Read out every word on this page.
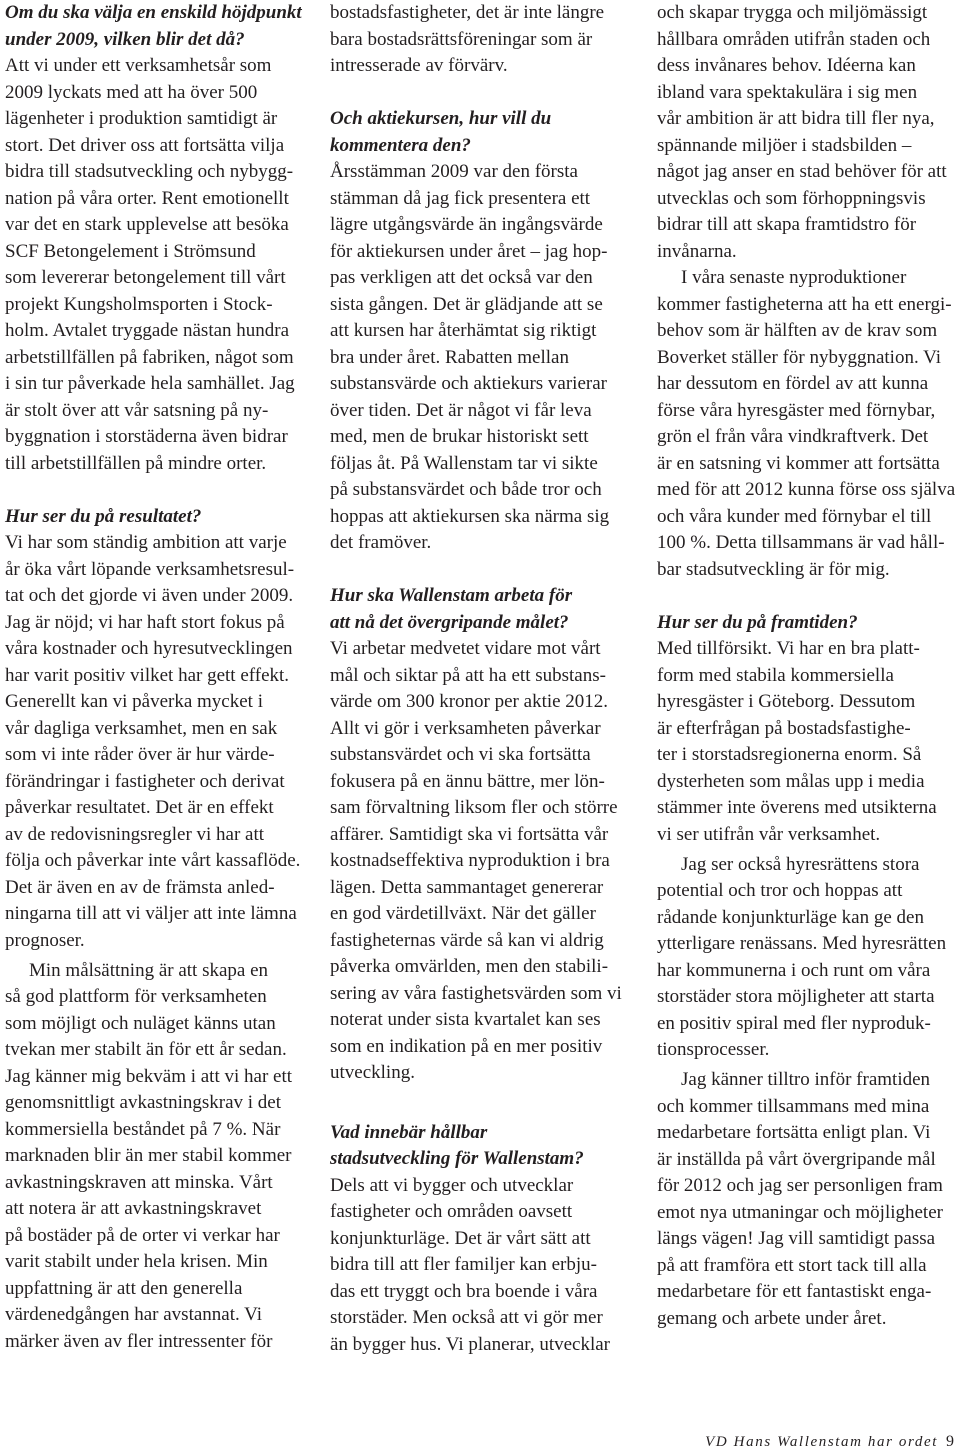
Om du ska välja en enskild höjdpunkt
under 2009, vilken blir det då?
Att vi under ett verksamhetsår som
2009 lyckats med att ha över 500
lägenheter i produktion samtidigt är
stort. Det driver oss att fortsätta vilja
bidra till stadsutveckling och nybygg-
nation på våra orter. Rent emotionellt
var det en stark upplevelse att besöka
SCF Betongelement i Strömsund
som levererar betongelement till vårt
projekt Kungsholmsporten i Stock-
holm. Avtalet tryggade nästan hundra
arbetstillfällen på fabriken, något som
i sin tur påverkade hela samhället. Jag
är stolt över att vår satsning på ny-
byggnation i storstäderna även bidrar
till arbetstillfällen på mindre orter.
Hur ser du på resultatet?
Vi har som ständig ambition att varje
år öka vårt löpande verksamhetsresul-
tat och det gjorde vi även under 2009.
Jag är nöjd; vi har haft stort fokus på
våra kostnader och hyresutvecklingen
har varit positiv vilket har gett effekt.
Generellt kan vi påverka mycket i
vår dagliga verksamhet, men en sak
som vi inte råder över är hur värde-
förändringar i fastigheter och derivat
påverkar resultatet. Det är en effekt
av de redovisningsregler vi har att
följa och påverkar inte vårt kassaflöde.
Det är även en av de främsta anled-
ningarna till att vi väljer att inte lämna
prognoser.
Min målsättning är att skapa en
så god plattform för verksamheten
som möjligt och nuläget känns utan
tvekan mer stabilt än för ett år sedan.
Jag känner mig bekväm i att vi har ett
genomsnittligt avkastningskrav i det
kommersiella beståndet på 7 %. När
marknaden blir än mer stabil kommer
avkastningskraven att minska. Vårt
att notera är att avkastningskravet
på bostäder på de orter vi verkar har
varit stabilt under hela krisen. Min
uppfattning är att den generella
värdenedgången har avstannat. Vi
märker även av fler intressenter för
bostadsfastigheter, det är inte längre
bara bostadsrättsföreningar som är
intresserade av förvärv.
Och aktiekursen, hur vill du
kommentera den?
Årsstämman 2009 var den första
stämman då jag fick presentera ett
lägre utgångsvärde än ingångsvärde
för aktiekursen under året – jag hop-
pas verkligen att det också var den
sista gången. Det är glädjande att se
att kursen har återhämtat sig riktigt
bra under året. Rabatten mellan
substansvärde och aktiekurs varierar
över tiden. Det är något vi får leva
med, men de brukar historiskt sett
följas åt. På Wallenstam tar vi sikte
på substansvärdet och både tror och
hoppas att aktiekursen ska närma sig
det framöver.
Hur ska Wallenstam arbeta för
att nå det övergripande målet?
Vi arbetar medvetet vidare mot vårt
mål och siktar på att ha ett substans-
värde om 300 kronor per aktie 2012.
Allt vi gör i verksamheten påverkar
substansvärdet och vi ska fortsätta
fokusera på en ännu bättre, mer lön-
sam förvaltning liksom fler och större
affärer. Samtidigt ska vi fortsätta vår
kostnadseffektiva nyproduktion i bra
lägen. Detta sammantaget genererar
en god värdetillväxt. När det gäller
fastigheternas värde så kan vi aldrig
påverka omvärlden, men den stabili-
sering av våra fastighetsvärden som vi
noterat under sista kvartalet kan ses
som en indikation på en mer positiv
utveckling.
Vad innebär hållbar
stadsutveckling för Wallenstam?
Dels att vi bygger och utvecklar
fastigheter och områden oavsett
konjunkturläge. Det är vårt sätt att
bidra till att fler familjer kan erbju-
das ett tryggt och bra boende i våra
storstäder. Men också att vi gör mer
än bygger hus. Vi planerar, utvecklar
och skapar trygga och miljömässigt
hållbara områden utifrån staden och
dess invånares behov. Idéerna kan
ibland vara spektakulära i sig men
vår ambition är att bidra till fler nya,
spännande miljöer i stadsbilden –
något jag anser en stad behöver för att
utvecklas och som förhoppningsvis
bidrar till att skapa framtidstro för
invånarna.
I våra senaste nyproduktioner
kommer fastigheterna att ha ett energi-
behov som är hälften av de krav som
Boverket ställer för nybyggnation. Vi
har dessutom en fördel av att kunna
förse våra hyresgäster med förnybar,
grön el från våra vindkraftverk. Det
är en satsning vi kommer att fortsätta
med för att 2012 kunna förse oss själva
och våra kunder med förnybar el till
100 %. Detta tillsammans är vad håll-
bar stadsutveckling är för mig.
Hur ser du på framtiden?
Med tillförsikt. Vi har en bra platt-
form med stabila kommersiella
hyresgäster i Göteborg. Dessutom
är efterfrågan på bostadsfastighe-
ter i storstadsregionerna enorm. Så
dysterheten som målas upp i media
stämmer inte överens med utsikterna
vi ser utifrån vår verksamhet.
Jag ser också hyresrättens stora
potential och tror och hoppas att
rådande konjunkturläge kan ge den
ytterligare renässans. Med hyresrätten
har kommunerna i och runt om våra
storstäder stora möjligheter att starta
en positiv spiral med fler nyproduk-
tionsprocesser.
Jag känner tilltro inför framtiden
och kommer tillsammans med mina
medarbetare fortsätta enligt plan. Vi
är inställda på vårt övergripande mål
för 2012 och jag ser personligen fram
emot nya utmaningar och möjligheter
längs vägen! Jag vill samtidigt passa
på att framföra ett stort tack till alla
medarbetare för ett fantastiskt enga-
gemang och arbete under året.
VD Hans Wallenstam har ordet 9
